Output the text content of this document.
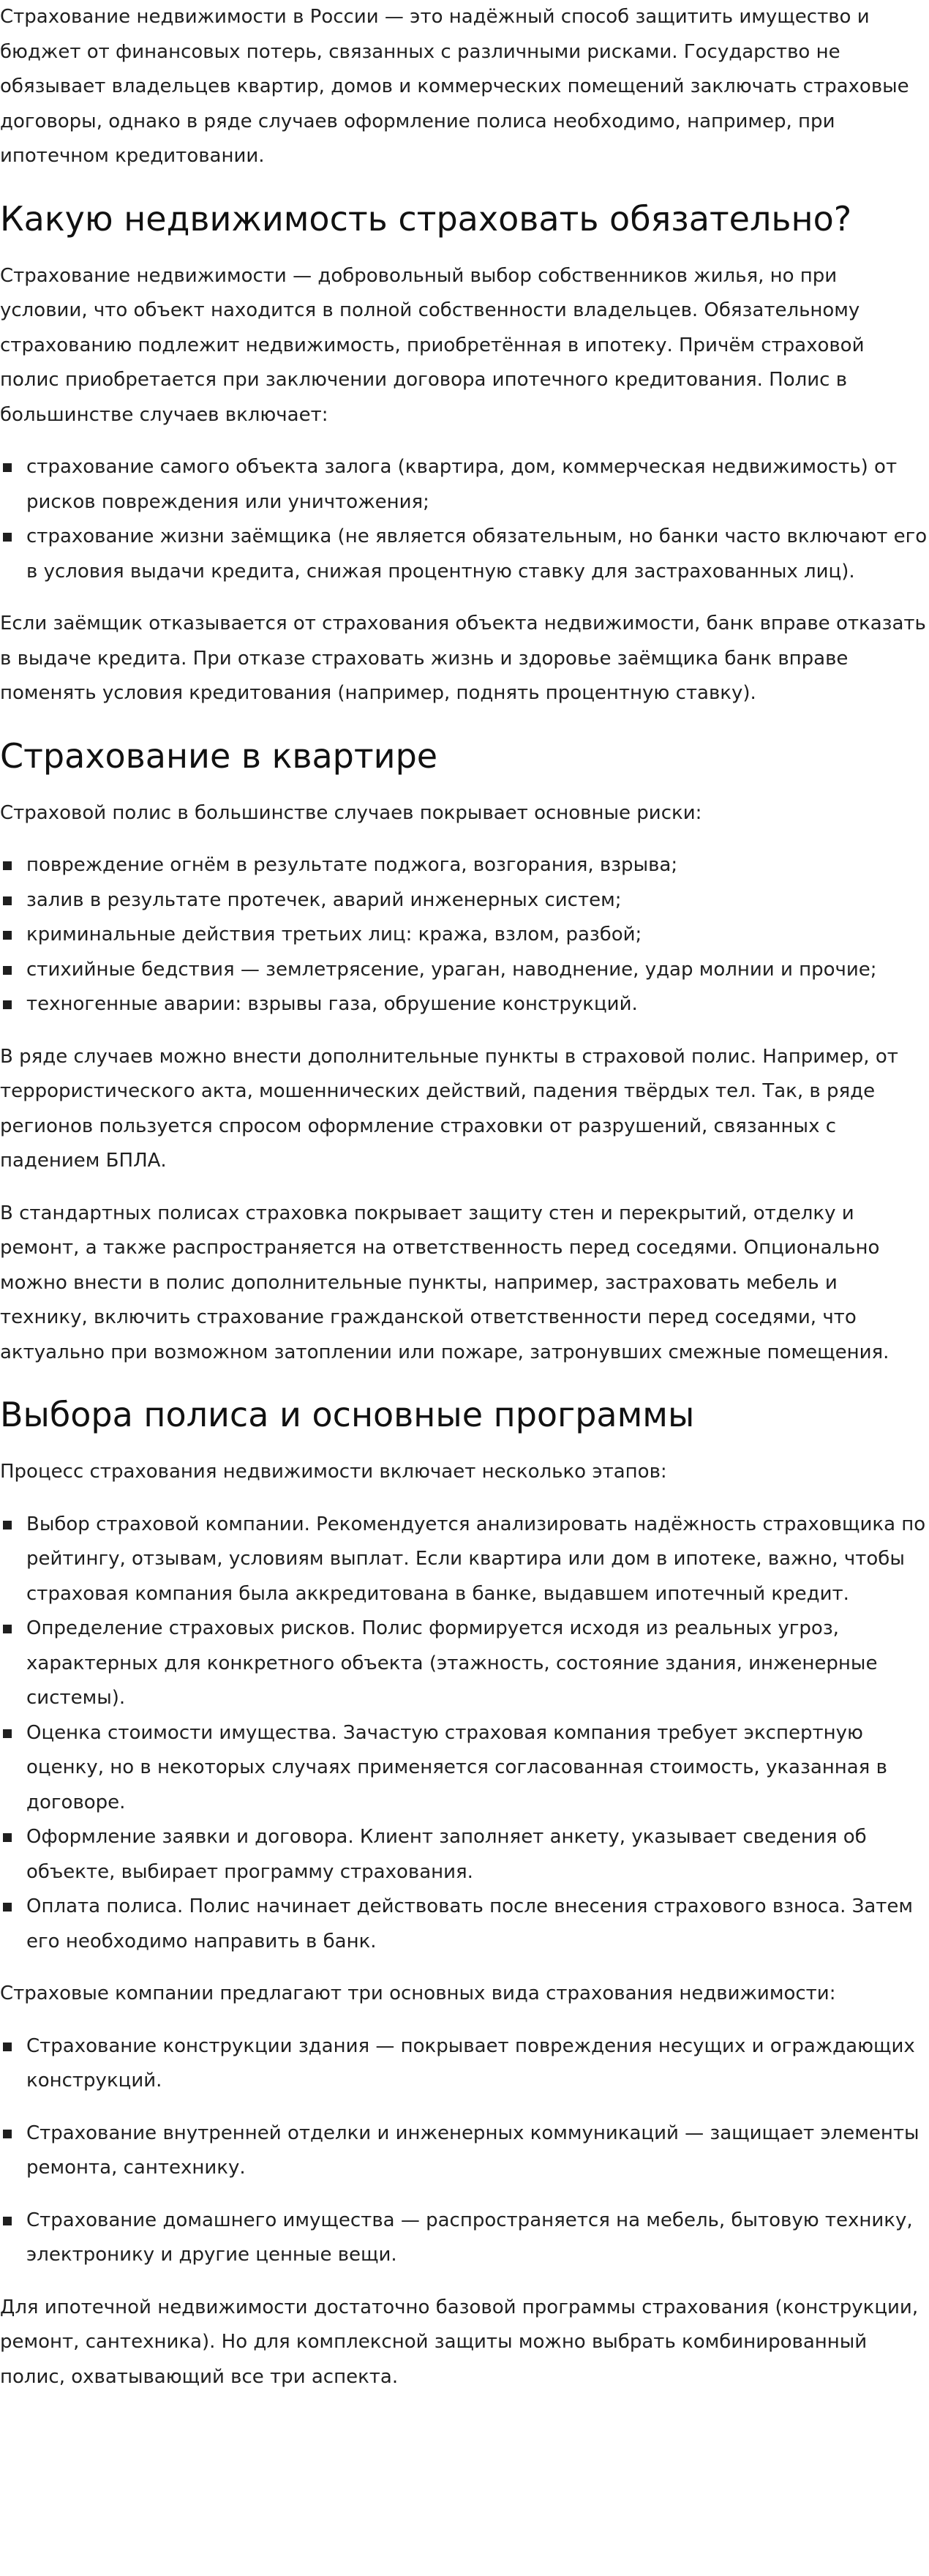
Страхование недвижимости в России — это надёжный способ защитить имущество и бюджет от финансовых потерь, связанных с различными рисками. Государство не обязывает владельцев квартир, домов и коммерческих помещений заключать страховые договоры, однако в ряде случаев оформление полиса необходимо, например, при ипотечном кредитовании.

Какую недвижимость страховать обязательно?

Страхование недвижимости — добровольный выбор собственников жилья, но при условии, что объект находится в полной собственности владельцев. Обязательному страхованию подлежит недвижимость, приобретённая в ипотеку. Причём страховой полис приобретается при заключении договора ипотечного кредитования. Полис в большинстве случаев включает:

страхование самого объекта залога (квартира, дом, коммерческая недвижимость) от рисков повреждения или уничтожения;
страхование жизни заёмщика (не является обязательным, но банки часто включают его в условия выдачи кредита, снижая процентную ставку для застрахованных лиц).

Если заёмщик отказывается от страхования объекта недвижимости, банк вправе отказать в выдаче кредита. При отказе страховать жизнь и здоровье заёмщика банк вправе поменять условия кредитования (например, поднять процентную ставку).

Страхование в квартире

Страховой полис в большинстве случаев покрывает основные риски:

повреждение огнём в результате поджога, возгорания, взрыва;
залив в результате протечек, аварий инженерных систем;
криминальные действия третьих лиц: кража, взлом, разбой;
стихийные бедствия — землетрясение, ураган, наводнение, удар молнии и прочие;
техногенные аварии: взрывы газа, обрушение конструкций.

В ряде случаев можно внести дополнительные пункты в страховой полис. Например, от террористического акта, мошеннических действий, падения твёрдых тел. Так, в ряде регионов пользуется спросом оформление страховки от разрушений, связанных с падением БПЛА.

В стандартных полисах страховка покрывает защиту стен и перекрытий, отделку и ремонт, а также распространяется на ответственность перед соседями. Опционально можно внести в полис дополнительные пункты, например, застраховать мебель и технику, включить страхование гражданской ответственности перед соседями, что актуально при возможном затоплении или пожаре, затронувших смежные помещения.

Выбора полиса и основные программы

Процесс страхования недвижимости включает несколько этапов:

Выбор страховой компании. Рекомендуется анализировать надёжность страховщика по рейтингу, отзывам, условиям выплат. Если квартира или дом в ипотеке, важно, чтобы страховая компания была аккредитована в банке, выдавшем ипотечный кредит.
Определение страховых рисков. Полис формируется исходя из реальных угроз, характерных для конкретного объекта (этажность, состояние здания, инженерные системы).
Оценка стоимости имущества. Зачастую страховая компания требует экспертную оценку, но в некоторых случаях применяется согласованная стоимость, указанная в договоре.
Оформление заявки и договора. Клиент заполняет анкету, указывает сведения об объекте, выбирает программу страхования.
Оплата полиса. Полис начинает действовать после внесения страхового взноса. Затем его необходимо направить в банк.

Страховые компании предлагают три основных вида страхования недвижимости:

Страхование конструкции здания — покрывает повреждения несущих и ограждающих конструкций.
Страхование внутренней отделки и инженерных коммуникаций — защищает элементы ремонта, сантехнику.
Страхование домашнего имущества — распространяется на мебель, бытовую технику, электронику и другие ценные вещи.

Для ипотечной недвижимости достаточно базовой программы страхования (конструкции, ремонт, сантехника). Но для комплексной защиты можно выбрать комбинированный полис, охватывающий все три аспекта.
